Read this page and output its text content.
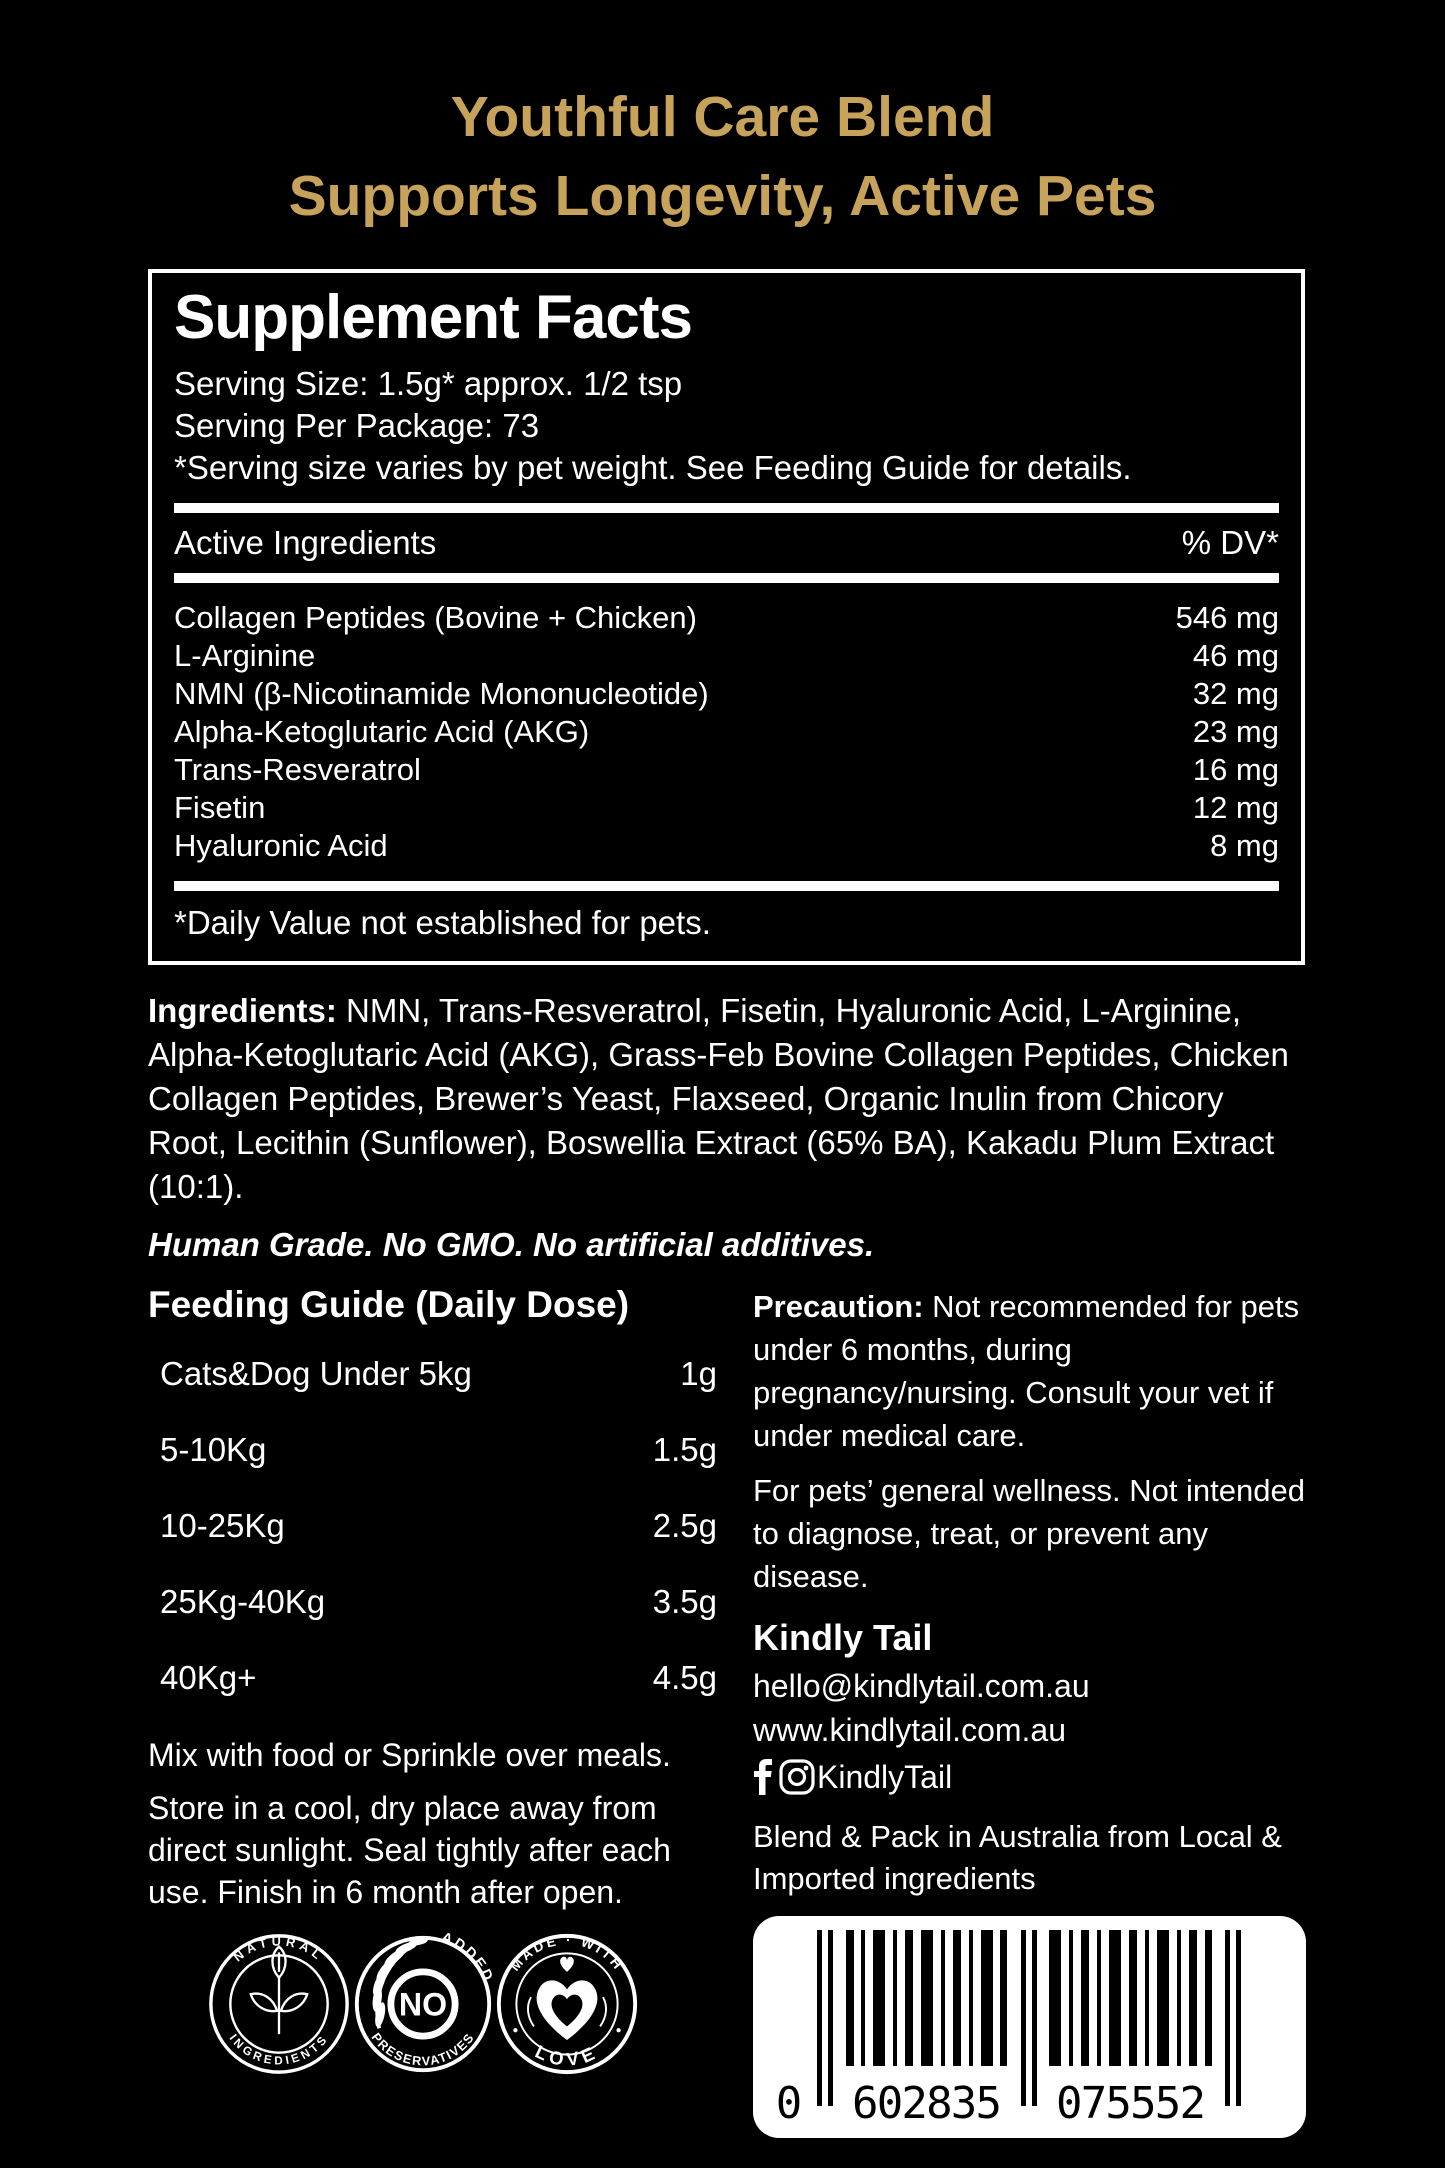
Youthful Care Blend
Supports Longevity, Active Pets
Supplement Facts
Serving Size: 1.5g* approx. 1/2 tsp
Serving Per Package: 73
*Serving size varies by pet weight. See Feeding Guide for details.
Active Ingredients	% DV*
Collagen Peptides (Bovine + Chicken)	546 mg
L-Arginine	46 mg
NMN (β-Nicotinamide Mononucleotide)	32 mg
Alpha-Ketoglutaric Acid (AKG)	23 mg
Trans-Resveratrol	16 mg
Fisetin	12 mg
Hyaluronic Acid	8 mg
*Daily Value not established for pets.

Ingredients: NMN, Trans-Resveratrol, Fisetin, Hyaluronic Acid, L-Arginine, Alpha-Ketoglutaric Acid (AKG), Grass-Feb Bovine Collagen Peptides, Chicken Collagen Peptides, Brewer’s Yeast, Flaxseed, Organic Inulin from Chicory Root, Lecithin (Sunflower), Boswellia Extract (65% BA), Kakadu Plum Extract (10:1).

Human Grade. No GMO. No artificial additives.

Feeding Guide (Daily Dose)
Cats&Dog Under 5kg	1g
5-10Kg	1.5g
10-25Kg	2.5g
25Kg-40Kg	3.5g
40Kg+	4.5g

Mix with food or Sprinkle over meals.

Store in a cool, dry place away from direct sunlight. Seal tightly after each use. Finish in 6 month after open.

NATURAL
INGREDIENTS
ADDED
PRESERVATIVES
NO
MADE · WITH
LOVE

Precaution: Not recommended for pets under 6 months, during pregnancy/nursing. Consult your vet if under medical care.

For pets’ general wellness. Not intended to diagnose, treat, or prevent any disease.

Kindly Tail
hello@kindlytail.com.au
www.kindlytail.com.au
KindlyTail

Blend & Pack in Australia from Local & Imported ingredients

0 602835 075552
